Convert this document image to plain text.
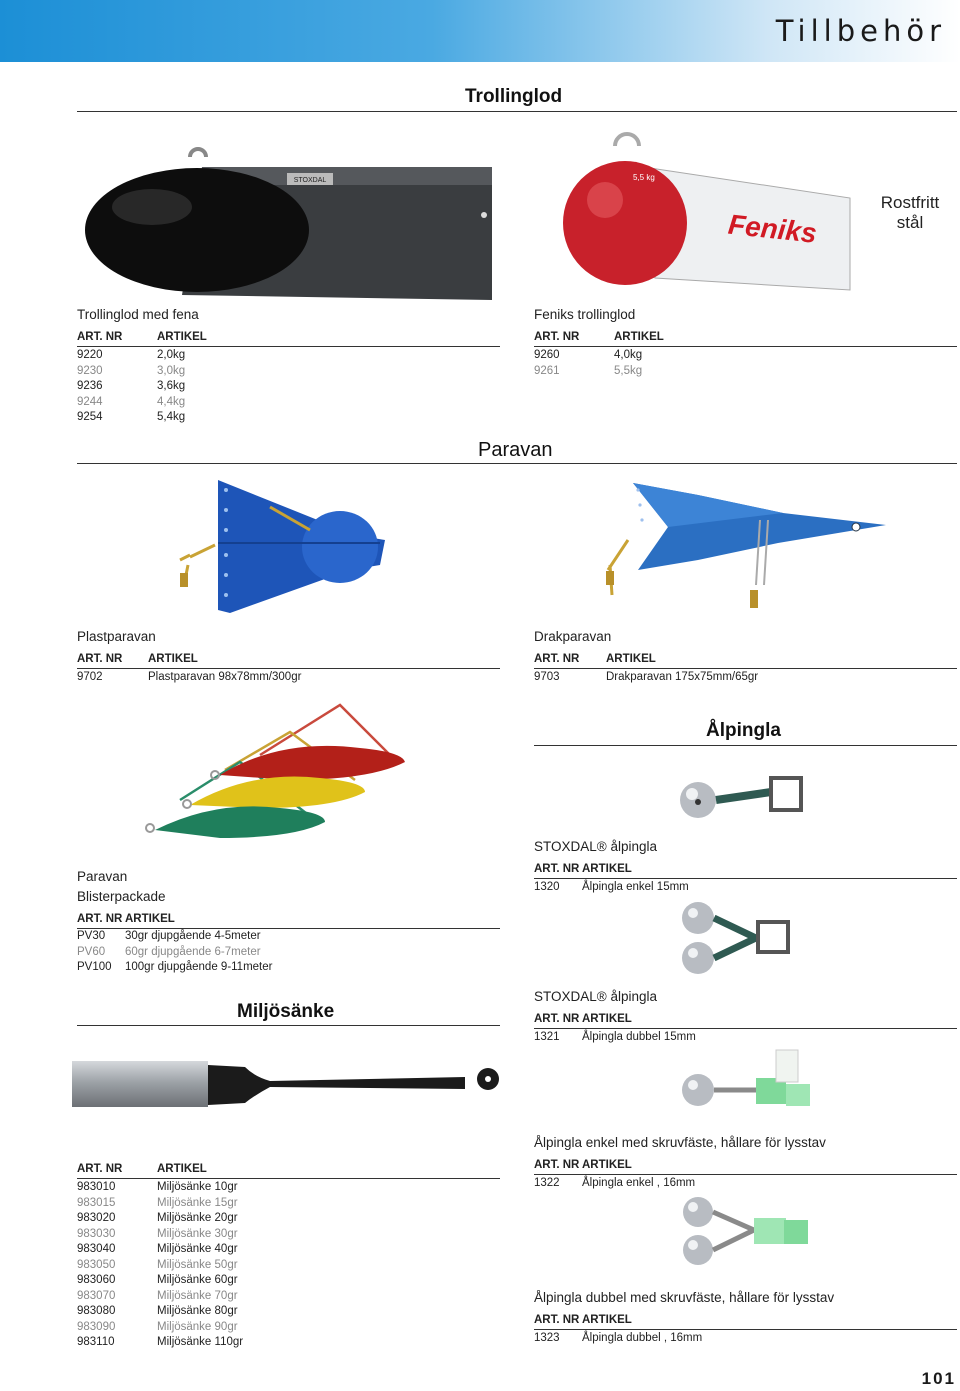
Tillbehör
Trollinglod
STOXDAL	5,5 kg
Feniks
Rostfritt
stål
Trollinglod med fena
ART. NR	ARTIKEL
9220	2,0kg
9230	3,0kg
9236	3,6kg
9244	4,4kg
9254	5,4kg
Feniks trollinglod
ART. NR	ARTIKEL
9260	4,0kg
9261	5,5kg
Paravan
Plastparavan
ART. NR ARTIKEL
9702	Plastparavan 98x78mm/300gr
Drakparavan
ART. NR ARTIKEL
9703	Drakparavan 175x75mm/65gr
Ålpingla
Paravan
Blisterpackade
ART. NR ARTIKEL
PV30 30gr djupgående 4-5meter
PV60 60gr djupgående 6-7meter
PV100 100gr djupgående 9-11meter
STOXDAL® ålpingla
ART. NR ARTIKEL
1320 Ålpingla enkel 15mm
STOXDAL® ålpingla
ART. NR ARTIKEL
1321 Ålpingla dubbel 15mm
Ålpingla enkel med skruvfäste, hållare för lysstav
ART. NR ARTIKEL
1322 Ålpingla enkel , 16mm
Ålpingla dubbel med skruvfäste, hållare för lysstav
ART. NR ARTIKEL
1323 Ålpingla dubbel , 16mm
Miljösänke
ART. NR	ARTIKEL
983010	Miljösänke 10gr
983015	Miljösänke 15gr
983020	Miljösänke 20gr
983030	Miljösänke 30gr
983040	Miljösänke 40gr
983050	Miljösänke 50gr
983060	Miljösänke 60gr
983070	Miljösänke 70gr
983080	Miljösänke 80gr
983090	Miljösänke 90gr
983110	Miljösänke 110gr
101
